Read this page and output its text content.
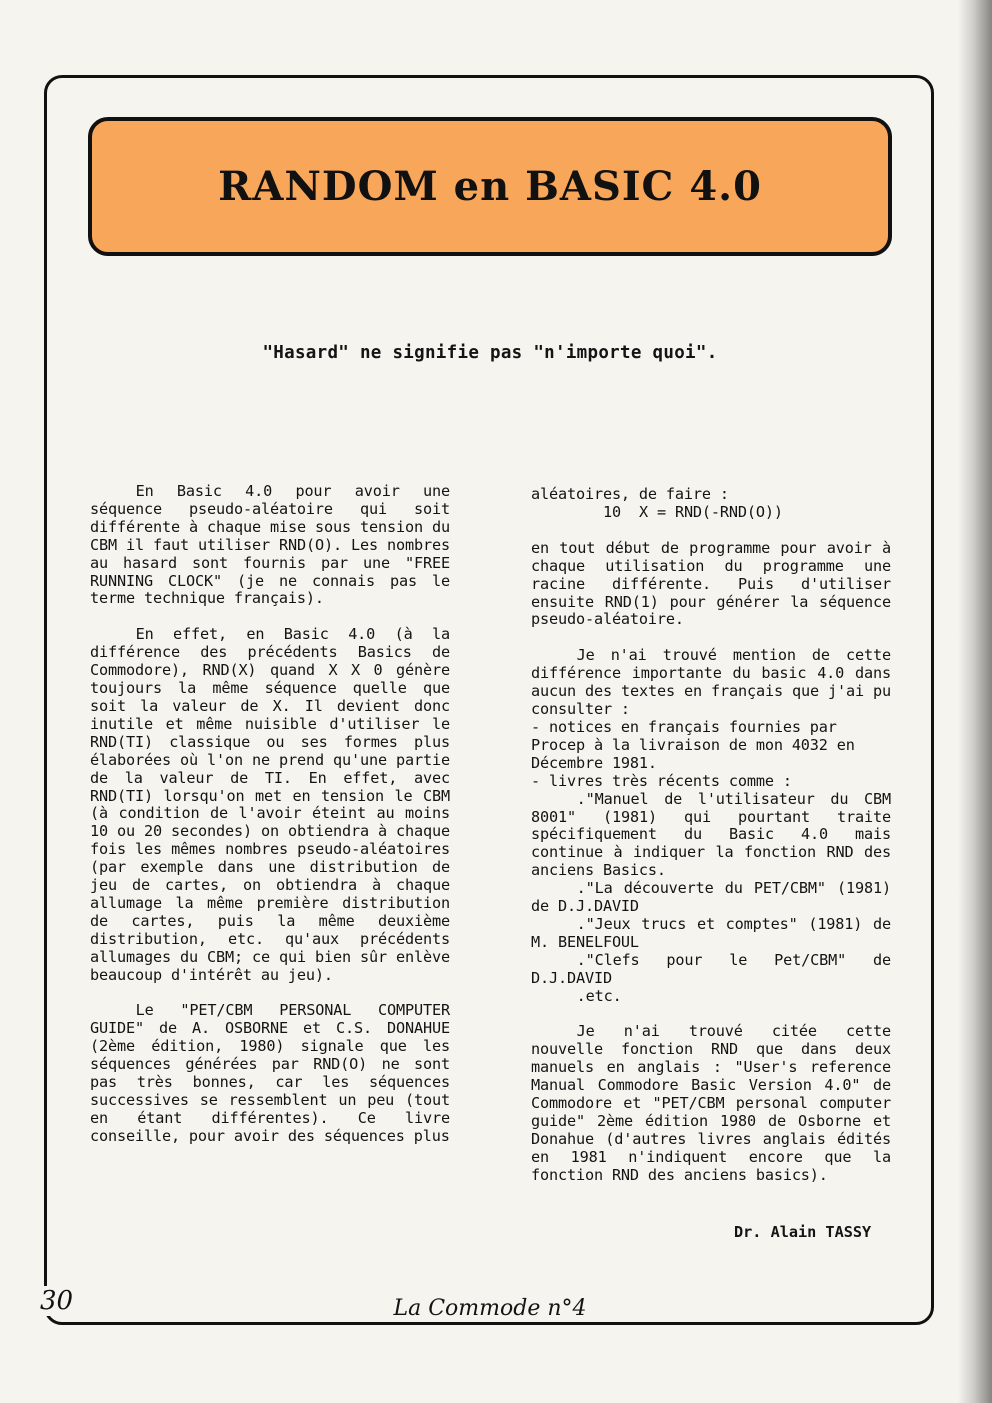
RANDOM en BASIC 4.0
"Hasard" ne signifie pas "n'importe quoi".

En Basic 4.0 pour avoir une séquence pseudo-aléatoire qui soit différente à chaque mise sous tension du CBM il faut utiliser RND(O). Les nombres au hasard sont fournis par une "FREE RUNNING CLOCK" (je ne connais pas le terme technique français).

En effet, en Basic 4.0 (à la différence des précédents Basics de Commodore), RND(X) quand X X 0 génère toujours la même séquence quelle que soit la valeur de X. Il devient donc inutile et même nuisible d'utiliser le RND(TI) classique ou ses formes plus élaborées où l'on ne prend qu'une partie de la valeur de TI. En effet, avec RND(TI) lorsqu'on met en tension le CBM (à condition de l'avoir éteint au moins 10 ou 20 secondes) on obtiendra à chaque fois les mêmes nombres pseudo-aléatoires (par exemple dans une distribution de jeu de cartes, on obtiendra à chaque allumage la même première distribution de cartes, puis la même deuxième distribution, etc. qu'aux précédents allumages du CBM; ce qui bien sûr enlève beaucoup d'intérêt au jeu).

Le "PET/CBM PERSONAL COMPUTER GUIDE" de A. OSBORNE et C.S. DONAHUE (2ème édition, 1980) signale que les séquences générées par RND(O) ne sont pas très bonnes, car les séquences successives se ressemblent un peu (tout en étant différentes). Ce livre conseille, pour avoir des séquences plus

aléatoires, de faire :

10  X = RND(-RND(O))

en tout début de programme pour avoir à chaque utilisation du programme une racine différente. Puis d'utiliser ensuite RND(1) pour générer la séquence pseudo-aléatoire.

Je n'ai trouvé mention de cette différence importante du basic 4.0 dans aucun des textes en français que j'ai pu consulter :

- notices en français fournies par Procep à la livraison de mon 4032 en Décembre 1981.
- livres très récents comme :

."Manuel de l'utilisateur du CBM 8001" (1981) qui pourtant traite spécifiquement du Basic 4.0 mais continue à indiquer la fonction RND des anciens Basics.

."La découverte du PET/CBM" (1981) de D.J.DAVID

."Jeux trucs et comptes" (1981) de M. BENELFOUL

."Clefs pour le Pet/CBM" de D.J.DAVID

.etc.

Je n'ai trouvé citée cette nouvelle fonction RND que dans deux manuels en anglais : "User's reference Manual Commodore Basic Version 4.0" de Commodore et "PET/CBM personal computer guide" 2ème édition 1980 de Osborne et Donahue (d'autres livres anglais édités en 1981 n'indiquent encore que la fonction RND des anciens basics).

Dr. Alain TASSY
30	La Commode n°4
